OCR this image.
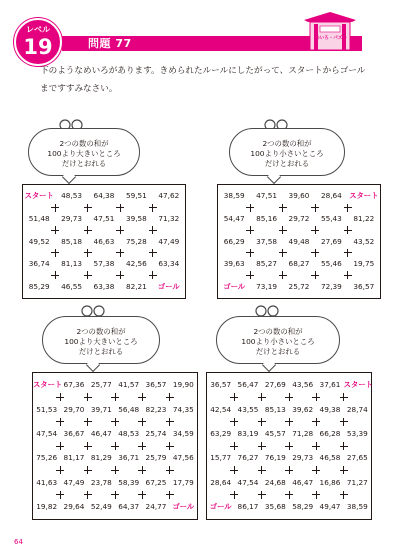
問題 77
レベル
19	めいろ・パズル
下のようなめいろがあります。きめられたルールにしたがって、スタートからゴールまですすみなさい。
2つの数の和が
100より大きいところ
だけとおれる
スタート	48,53	64,38	59,51	47,62
51,48	29,73	47,51	39,58	71,32
49,52	85,18	46,63	75,28	47,49
36,74	81,13	57,38	42,56	63,34
85,29	46,55	63,38	82,21	ゴール
2つの数の和が
100より小さいところ
だけとおれる
38,59	47,51	39,60	28,64	スタート
54,47	85,16	29,72	55,43	81,22
66,29	37,58	49,48	27,69	43,52
39,63	85,27	68,27	55,46	19,75
ゴール	73,19	25,72	72,39	36,57
2つの数の和が
100より大きいところ
だけとおれる
スタート 67,36 25,77 41,57 36,57 19,90
51,53 29,70 39,71 56,48 82,23 74,35
47,54 36,67 46,47 48,53 25,74 34,59
75,26 81,17 81,29 36,71 25,79 47,56
41,63 47,49 23,78 58,39 67,25 17,79
19,82 29,64 52,49 64,37 24,77 ゴール
2つの数の和が
100より小さいところ
だけとおれる
36,57 56,47 27,69 43,56 37,61 スタート
42,54 43,55 85,13 39,62 49,38 28,74
63,29 83,19 45,57 71,28 66,28 53,39
15,77 76,27 76,19 29,73 46,58 27,65
28,64 47,54 24,68 46,47 16,86 71,27
ゴール 86,17 35,68 58,29 49,47 38,59
64
